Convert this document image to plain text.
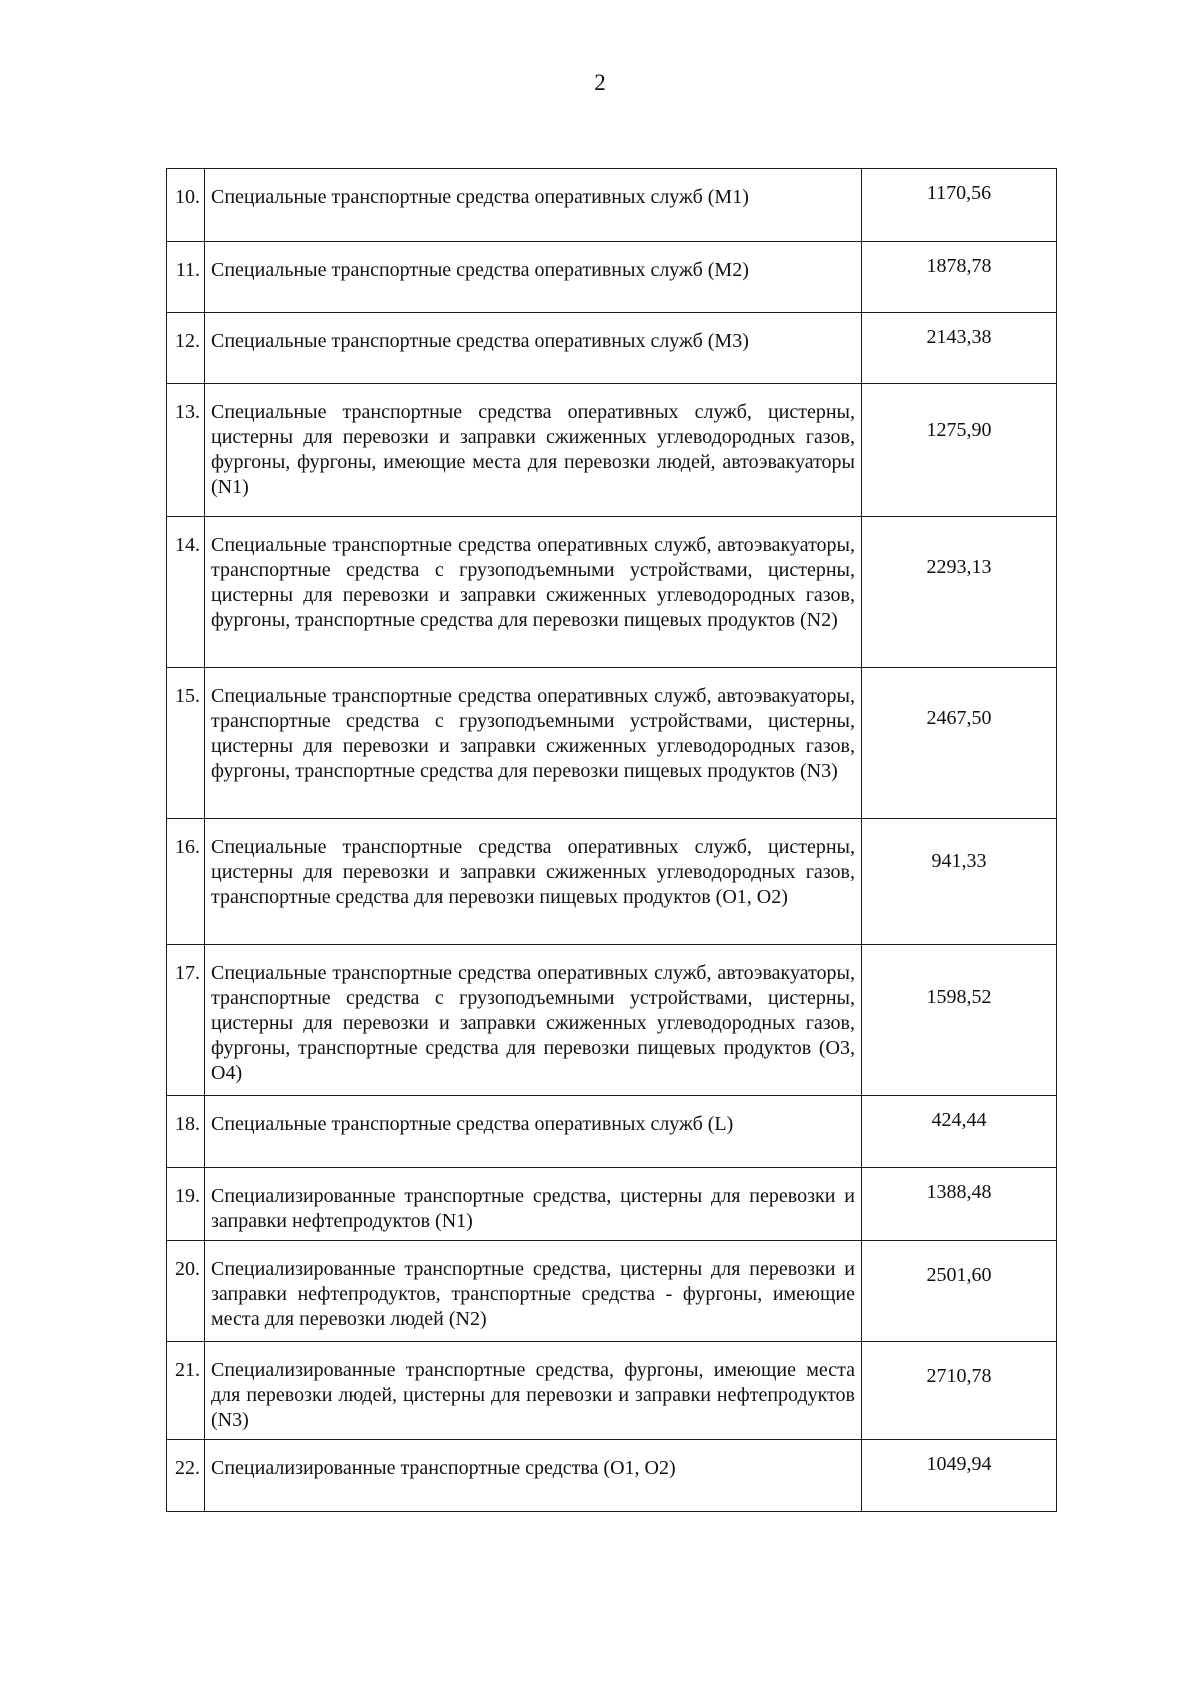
2
10.	Специальные транспортные средства оперативных служб (М1)	1170,56
11.	Специальные транспортные средства оперативных служб (М2)	1878,78
12.	Специальные транспортные средства оперативных служб (М3)	2143,38
13.	Специальные транспортные средства оперативных служб, цистерны, цистерны для перевозки и заправки сжиженных углеводородных газов, фургоны, фургоны, имеющие места для перевозки людей, автоэвакуаторы (N1)	1275,90
14.	Специальные транспортные средства оперативных служб, автоэвакуаторы, транспортные средства с грузоподъемными устройствами, цистерны, цистерны для перевозки и заправки сжиженных углеводородных газов, фургоны, транспортные средства для перевозки пищевых продуктов (N2)	2293,13
15.	Специальные транспортные средства оперативных служб, автоэвакуаторы, транспортные средства с грузоподъемными устройствами, цистерны, цистерны для перевозки и заправки сжиженных углеводородных газов, фургоны, транспортные средства для перевозки пищевых продуктов (N3)	2467,50
16.	Специальные транспортные средства оперативных служб, цистерны, цистерны для перевозки и заправки сжиженных углеводородных газов, транспортные средства для перевозки пищевых продуктов (О1, О2)	941,33
17.	Специальные транспортные средства оперативных служб, автоэвакуаторы, транспортные средства с грузоподъемными устройствами, цистерны, цистерны для перевозки и заправки сжиженных углеводородных газов, фургоны, транспортные средства для перевозки пищевых продуктов (О3, О4)	1598,52
18.	Специальные транспортные средства оперативных служб (L)	424,44
19.	Специализированные транспортные средства, цистерны для перевозки и заправки нефтепродуктов (N1)	1388,48
20.	Специализированные транспортные средства, цистерны для перевозки и заправки нефтепродуктов, транспортные средства - фургоны, имеющие места для перевозки людей (N2)	2501,60
21.	Специализированные транспортные средства, фургоны, имеющие места для перевозки людей, цистерны для перевозки и заправки нефтепродуктов (N3)	2710,78
22.	Специализированные транспортные средства (О1, О2)	1049,94
